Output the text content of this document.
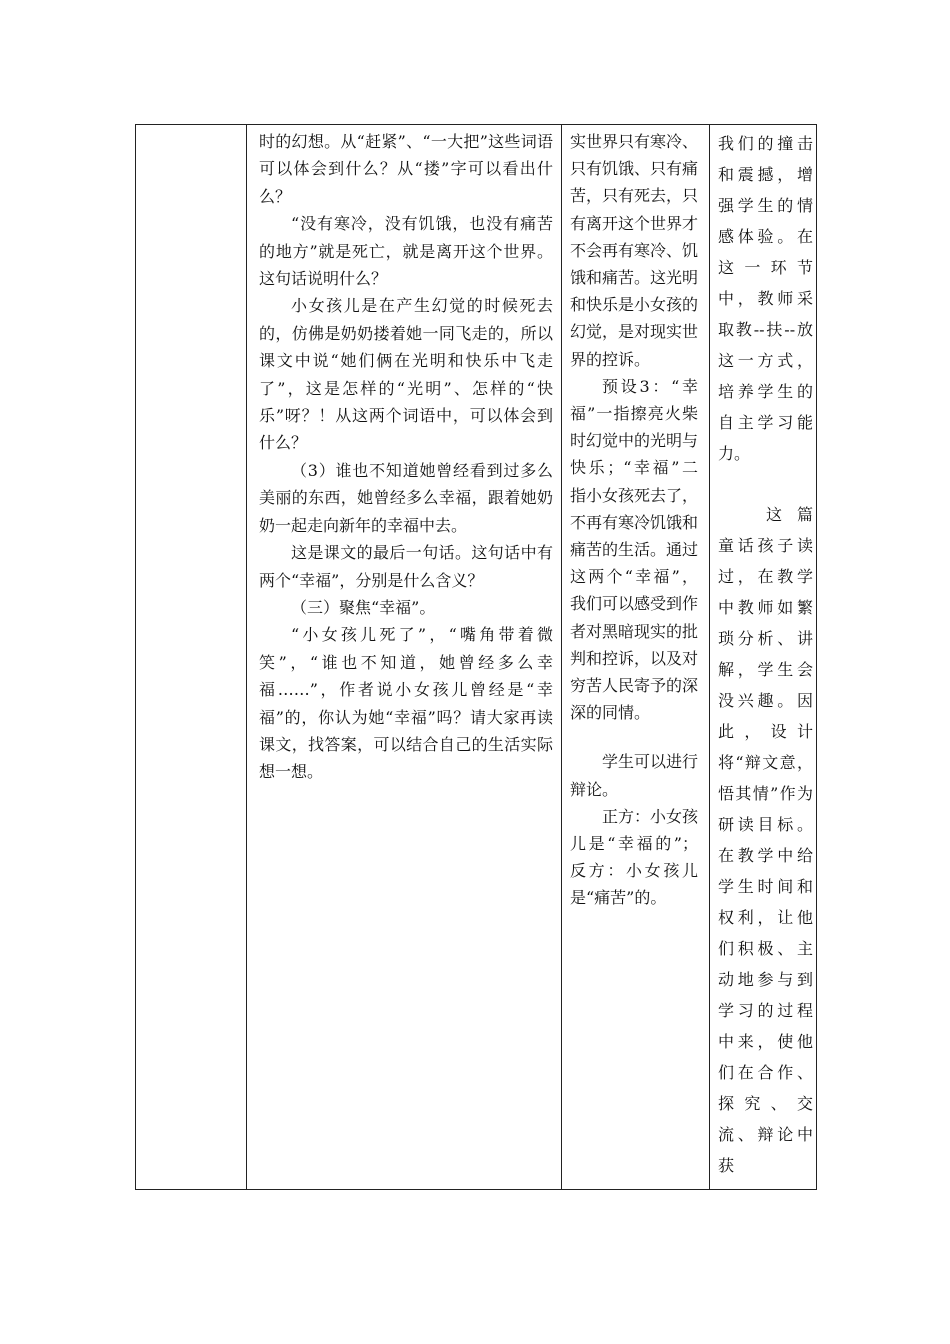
时的幻想。从“赶紧”、“一大把”这些词语可以体会到什么？从“搂”字可以看出什么？

“没有寒冷，没有饥饿，也没有痛苦的地方”就是死亡，就是离开这个世界。这句话说明什么？

小女孩儿是在产生幻觉的时候死去的，仿佛是奶奶搂着她一同飞走的，所以课文中说“她们俩在光明和快乐中飞走了”，这是怎样的“光明”、怎样的“快乐”呀？！从这两个词语中，可以体会到什么？

（3）谁也不知道她曾经看到过多么美丽的东西，她曾经多么幸福，跟着她奶奶一起走向新年的幸福中去。

这是课文的最后一句话。这句话中有两个“幸福”，分别是什么含义？

（三）聚焦“幸福”。

“小女孩儿死了”，“嘴角带着微笑”，“谁也不知道，她曾经多么幸福……”，作者说小女孩儿曾经是“幸福”的，你认为她“幸福”吗？请大家再读课文，找答案，可以结合自己的生活实际想一想。

实世界只有寒冷、只有饥饿、只有痛苦，只有死去，只有离开这个世界才不会再有寒冷、饥饿和痛苦。这光明和快乐是小女孩的幻觉，是对现实世界的控诉。

预设3：“幸福”一指擦亮火柴时幻觉中的光明与快乐；“幸福”二指小女孩死去了，不再有寒冷饥饿和痛苦的生活。通过这两个“幸福”，我们可以感受到作者对黑暗现实的批判和控诉，以及对穷苦人民寄予的深深的同情。

学生可以进行辩论。

正方：小女孩儿是“幸福的”；反方：小女孩儿是“痛苦”的。

我们的撞击和震撼，增强学生的情感体验。在这一环节中，教师采取教--扶--放这一方式，培养学生的自主学习能力。

这篇童话孩子读过，在教学中教师如繁琐分析、讲解，学生会没兴趣。因此，设计将“辩文意，悟其情”作为研读目标。在教学中给学生时间和权利，让他们积极、主动地参与到学习的过程中来，使他们在合作、探究、交流、辩论中获
